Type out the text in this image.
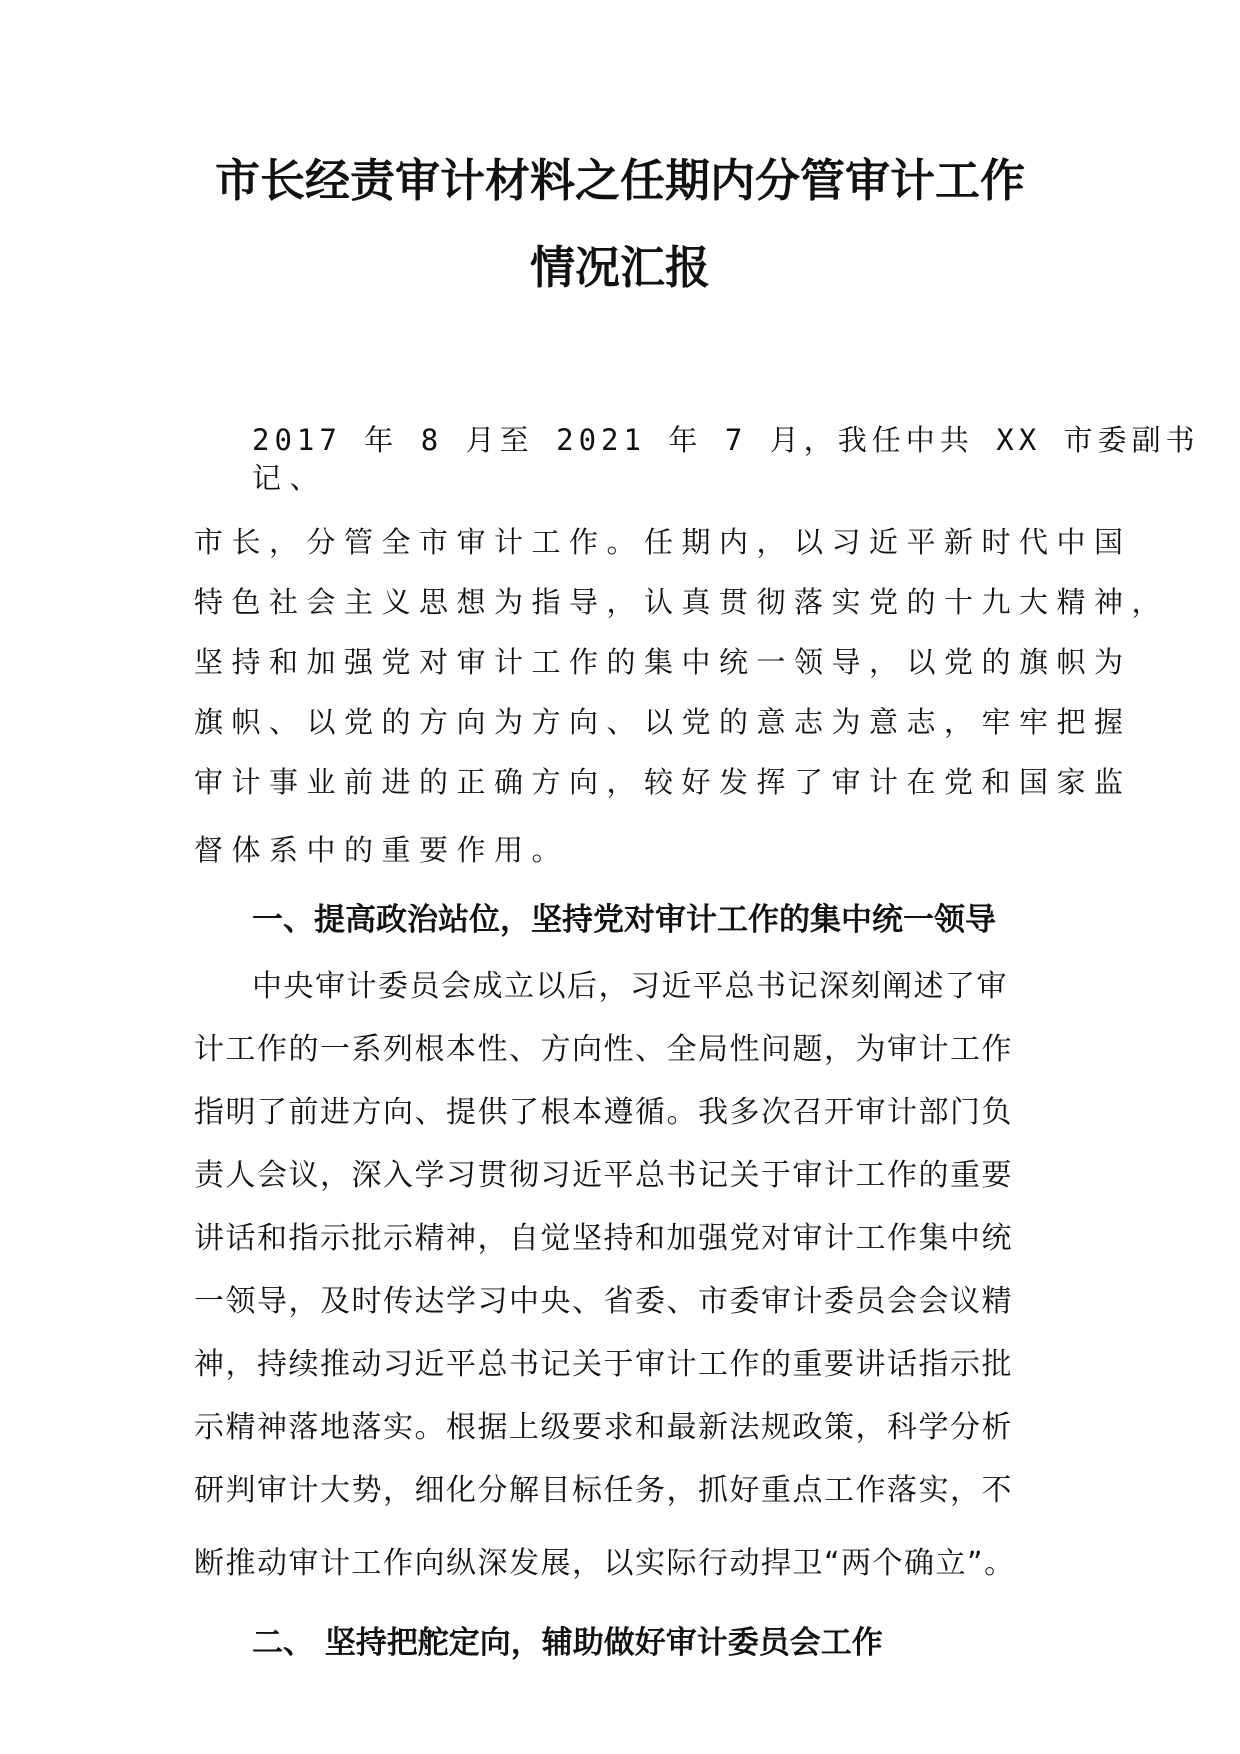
市长经责审计材料之任期内分管审计工作
情况汇报

2017 年 8 月至 2021 年 7 月，我任中共 XX 市委副书

记、

市长，分管全市审计工作。任期内，以习近平新时代中国

特色社会主义思想为指导，认真贯彻落实党的十九大精神，

坚持和加强党对审计工作的集中统一领导，以党的旗帜为

旗帜、以党的方向为方向、以党的意志为意志，牢牢把握

审计事业前进的正确方向，较好发挥了审计在党和国家监

督体系中的重要作用。

一、提高政治站位，坚持党对审计工作的集中统一领导

中央审计委员会成立以后，习近平总书记深刻阐述了审

计工作的一系列根本性、方向性、全局性问题，为审计工作

指明了前进方向、提供了根本遵循。我多次召开审计部门负

责人会议，深入学习贯彻习近平总书记关于审计工作的重要

讲话和指示批示精神，自觉坚持和加强党对审计工作集中统

一领导，及时传达学习中央、省委、市委审计委员会会议精

神，持续推动习近平总书记关于审计工作的重要讲话指示批

示精神落地落实。根据上级要求和最新法规政策，科学分析

研判审计大势，细化分解目标任务，抓好重点工作落实，不

断推动审计工作向纵深发展，以实际行动捍卫“两个确立”。

二、 坚持把舵定向，辅助做好审计委员会工作
